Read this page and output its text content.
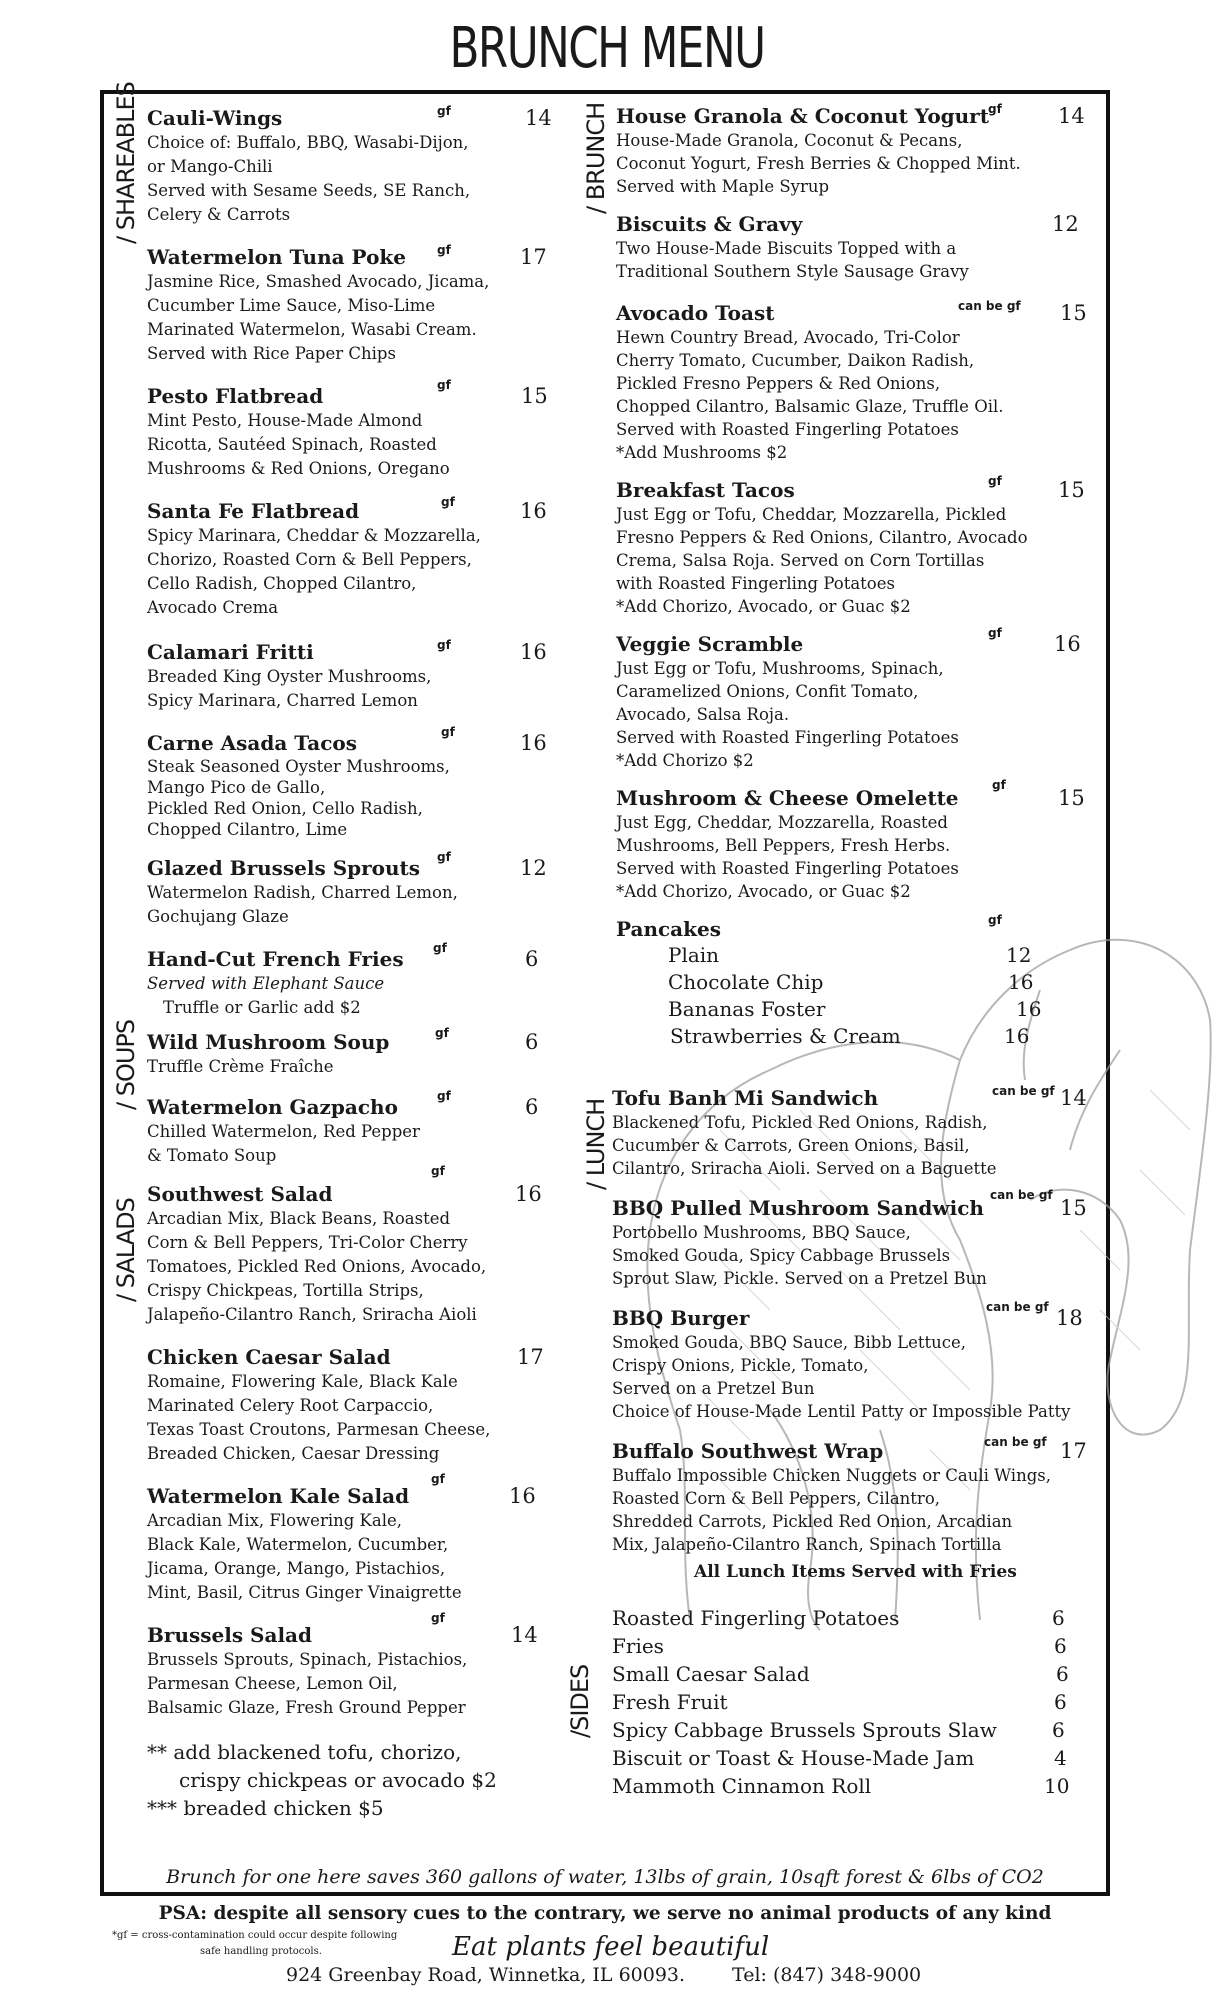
BRUNCH MENU
/ SHAREABLES
/ SOUPS
/ SALADS
/ BRUNCH
/ LUNCH
/SIDES
Cauli-Wings	gf	14
Choice of: Buffalo, BBQ, Wasabi-Dijon,
or Mango-Chili
Served with Sesame Seeds, SE Ranch,
Celery & Carrots
Watermelon Tuna Poke	gf	17
Jasmine Rice, Smashed Avocado, Jicama,
Cucumber Lime Sauce, Miso-Lime
Marinated Watermelon, Wasabi Cream.
Served with Rice Paper Chips
Pesto Flatbread	gf	15
Mint Pesto, House-Made Almond
Ricotta, Sautéed Spinach, Roasted
Mushrooms & Red Onions, Oregano
Santa Fe Flatbread	gf	16
Spicy Marinara, Cheddar & Mozzarella,
Chorizo, Roasted Corn & Bell Peppers,
Cello Radish, Chopped Cilantro,
Avocado Crema
Calamari Fritti	gf	16
Breaded King Oyster Mushrooms,
Spicy Marinara, Charred Lemon
Carne Asada Tacos	gf	16
Steak Seasoned Oyster Mushrooms,
Mango Pico de Gallo,
Pickled Red Onion, Cello Radish,
Chopped Cilantro, Lime
Glazed Brussels Sprouts	gf	12
Watermelon Radish, Charred Lemon,
Gochujang Glaze
Hand-Cut French Fries	gf	6
Served with Elephant Sauce
Truffle or Garlic add $2
Wild Mushroom Soup	gf	6
Truffle Crème Fraîche
Watermelon Gazpacho	gf	6
Chilled Watermelon, Red Pepper
& Tomato Soup
Southwest Salad
gf
16
Arcadian Mix, Black Beans, Roasted
Corn & Bell Peppers, Tri-Color Cherry
Tomatoes, Pickled Red Onions, Avocado,
Crispy Chickpeas, Tortilla Strips,
Jalapeño-Cilantro Ranch, Sriracha Aioli
Chicken Caesar Salad	17
Romaine, Flowering Kale, Black Kale
Marinated Celery Root Carpaccio,
Texas Toast Croutons, Parmesan Cheese,
Breaded Chicken, Caesar Dressing
Watermelon Kale Salad
gf
16
Arcadian Mix, Flowering Kale,
Black Kale, Watermelon, Cucumber,
Jicama, Orange, Mango, Pistachios,
Mint, Basil, Citrus Ginger Vinaigrette
Brussels Salad
gf
14
Brussels Sprouts, Spinach, Pistachios,
Parmesan Cheese, Lemon Oil,
Balsamic Glaze, Fresh Ground Pepper
** add blackened tofu, chorizo,
crispy chickpeas or avocado $2
*** breaded chicken $5
House Granola & Coconut Yogurt gf	14
House-Made Granola, Coconut & Pecans,
Coconut Yogurt, Fresh Berries & Chopped Mint.
Served with Maple Syrup
Biscuits & Gravy	12
Two House-Made Biscuits Topped with a
Traditional Southern Style Sausage Gravy
Avocado Toast	can be gf 15
Hewn Country Bread, Avocado, Tri-Color
Cherry Tomato, Cucumber, Daikon Radish,
Pickled Fresno Peppers & Red Onions,
Chopped Cilantro, Balsamic Glaze, Truffle Oil.
Served with Roasted Fingerling Potatoes
*Add Mushrooms $2
Breakfast Tacos	gf	15
Just Egg or Tofu, Cheddar, Mozzarella, Pickled
Fresno Peppers & Red Onions, Cilantro, Avocado
Crema, Salsa Roja. Served on Corn Tortillas
with Roasted Fingerling Potatoes
*Add Chorizo, Avocado, or Guac $2
Veggie Scramble	gf 16
Just Egg or Tofu, Mushrooms, Spinach,
Caramelized Onions, Confit Tomato,
Avocado, Salsa Roja.
Served with Roasted Fingerling Potatoes
*Add Chorizo $2
Mushroom & Cheese Omelette
gf
15
Just Egg, Cheddar, Mozzarella, Roasted
Mushrooms, Bell Peppers, Fresh Herbs.
Served with Roasted Fingerling Potatoes
*Add Chorizo, Avocado, or Guac $2
Pancakes	gf
Plain	12
Chocolate Chip	16
Bananas Foster	16
Strawberries & Cream	16
Tofu Banh Mi Sandwich	can be gf 14
Blackened Tofu, Pickled Red Onions, Radish,
Cucumber & Carrots, Green Onions, Basil,
Cilantro, Sriracha Aioli. Served on a Baguette
BBQ Pulled Mushroom Sandwich
can be gf
15
Portobello Mushrooms, BBQ Sauce,
Smoked Gouda, Spicy Cabbage Brussels
Sprout Slaw, Pickle. Served on a Pretzel Bun
BBQ Burger	can be gf 18
Smoked Gouda, BBQ Sauce, Bibb Lettuce,
Crispy Onions, Pickle, Tomato,
Served on a Pretzel Bun
Choice of House-Made Lentil Patty or Impossible Patty
Buffalo Southwest Wrap	can be gf 17
Buffalo Impossible Chicken Nuggets or Cauli Wings,
Roasted Corn & Bell Peppers, Cilantro,
Shredded Carrots, Pickled Red Onion, Arcadian
Mix, Jalapeño-Cilantro Ranch, Spinach Tortilla
All Lunch Items Served with Fries
Roasted Fingerling Potatoes	6
Fries	6
Small Caesar Salad	6
Fresh Fruit	6
Spicy Cabbage Brussels Sprouts Slaw	6
Biscuit or Toast & House-Made Jam	4
Mammoth Cinnamon Roll	10
Brunch for one here saves 360 gallons of water, 13lbs of grain, 10sqft forest & 6lbs of CO2
PSA: despite all sensory cues to the contrary, we serve no animal products of any kind
*gf = cross-contamination could occur despite following
safe handling protocols.	Eat plants feel beautiful
924 Greenbay Road, Winnetka, IL 60093. Tel: (847) 348-9000
